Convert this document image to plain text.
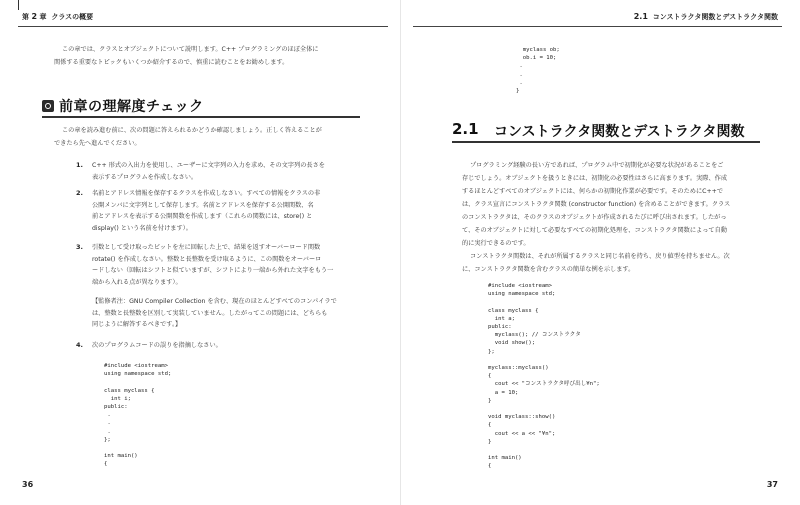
第 2 章 クラスの概要
36

この章では、クラスとオブジェクトについて説明します。C++ プログラミングのほぼ全体に

関係する重要なトピックもいくつか紹介するので、慎重に読むことをお勧めします。

前章の理解度チェック

この章を読み進む前に、次の問題に答えられるかどうか確認しましょう。正しく答えることが

できたら先へ進んでください。

1. C++ 形式の入出力を使用し、ユーザーに文字列の入力を求め、その文字列の長さを
表示するプログラムを作成しなさい。
2. 名前とアドレス情報を保存するクラスを作成しなさい。すべての情報をクラスの非
公開メンバに文字列として保存します。名前とアドレスを保存する公開関数、名
前とアドレスを表示する公開関数を作成します（これらの関数には、store() と
display() という名前を付けます）。
3. 引数として受け取ったビットを左に回転した上で、結果を返すオーバーロード関数
rotate() を作成しなさい。整数と長整数を受け取るように、この関数をオーバーロ
ードしない（回転はシフトと似ていますが、シフトにより一端から外れた文字をもう一
端から入れる点が異なります）。
【監修者注：GNU Compiler Collection を含む、現在のほとんどすべてのコンパイラで
は、整数と長整数を区別して実装していません。したがってこの問題には、どちらも
同じように解答するべきです。】
4. 次のプログラムコードの誤りを指摘しなさい。
#include <iostream>
using namespace std;

class myclass {
int i;
public:
.
.
.
};

int main()
{
2.1 コンストラクタ関数とデストラクタ関数
37
myclass ob;
ob.i = 10;
.
.
.
}
2.1 コンストラクタ関数とデストラクタ関数

プログラミング経験の長い方であれば、プログラム中で初期化が必要な状況があることをご

存じでしょう。オブジェクトを扱うときには、初期化の必要性はさらに高まります。実際、作成

するほとんどすべてのオブジェクトには、何らかの初期化作業が必要です。そのためにC++で

は、クラス宣言にコンストラクタ関数 (constructor function) を含めることができます。クラス

のコンストラクタは、そのクラスのオブジェクトが作成されるたびに呼び出されます。したがっ

て、そのオブジェクトに対して必要なすべての初期化処理を、コンストラクタ関数によって自動

的に実行できるのです。

コンストラクタ関数は、それが所属するクラスと同じ名前を持ち、戻り値型を持ちません。次

に、コンストラクタ関数を含むクラスの簡単な例を示します。

#include <iostream>
using namespace std;

class myclass {
int a;
public:
myclass(); // コンストラクタ
void show();
};

myclass::myclass()
{
cout << "コンストラクタ呼び出し¥n";
a = 10;
}

void myclass::show()
{
cout << a << "¥n";
}

int main()
{
